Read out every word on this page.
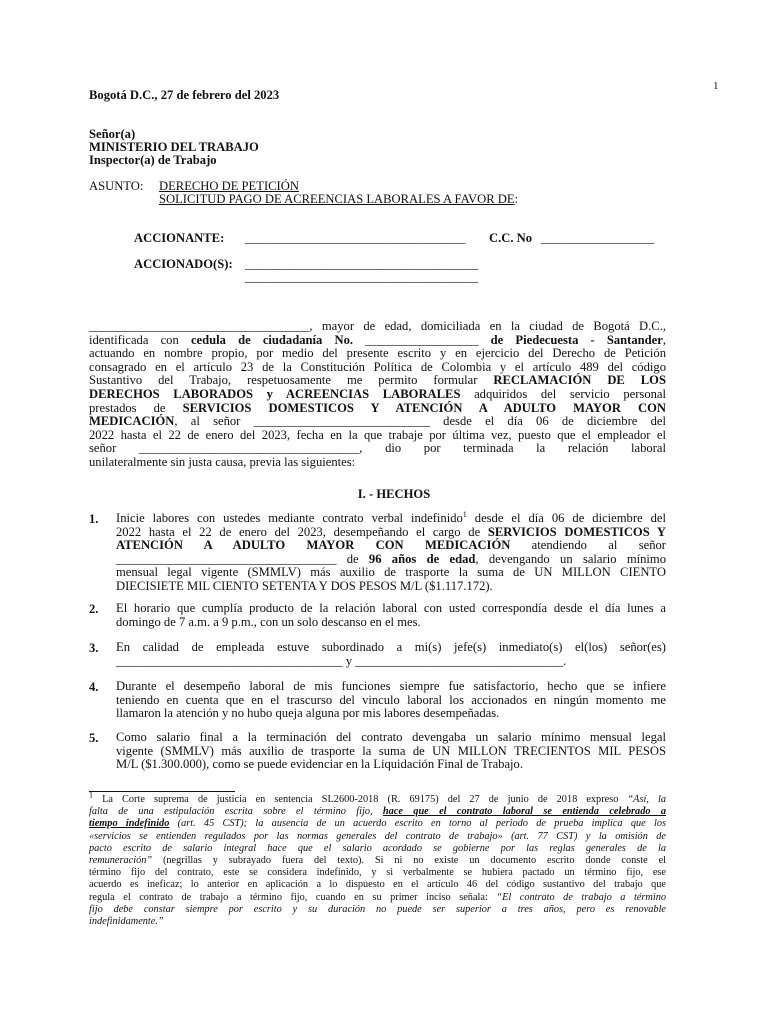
1
Bogotá D.C., 27 de febrero del 2023
Señor(a)
MINISTERIO DEL TRABAJO
Inspector(a) de Trabajo
ASUNTO: DERECHO DE PETICIÓN
SOLICITUD PAGO DE ACREENCIAS LABORALES A FAVOR DE:
ACCIONANTE: ___________________________________ C.C. No __________________
ACCIONADO(S): _____________________________________
_____________________________________
___________________________________, mayor de edad, domiciliada en la ciudad de Bogotá D.C.,
identificada con cedula de ciudadanía No. __________________ de Piedecuesta - Santander,
actuando en nombre propio, por medio del presente escrito y en ejercicio del Derecho de Petición
consagrado en el artículo 23 de la Constitución Política de Colombia y el artículo 489 del código
Sustantivo del Trabajo, respetuosamente me permito formular RECLAMACIÓN DE LOS
DERECHOS LABORADOS y ACREENCIAS LABORALES adquiridos del servicio personal
prestados de SERVICIOS DOMESTICOS Y ATENCIÓN A ADULTO MAYOR CON
MEDICACIÓN, al señor ____________________________ desde el día 06 de diciembre del
2022 hasta el 22 de enero del 2023, fecha en la que trabaje por última vez, puesto que el empleador el
señor ___________________________________, dio por terminada la relación laboral
unilateralmente sin justa causa, previa las siguientes:
I. - HECHOS
1. Inicie labores con ustedes mediante contrato verbal indefinido$^1$ desde el día 06 de diciembre del
2022 hasta el 22 de enero del 2023, desempeñando el cargo de SERVICIOS DOMESTICOS Y
ATENCIÓN A ADULTO MAYOR CON MEDICACIÓN atendiendo al señor
___________________________________ de 96 años de edad, devengando un salario mínimo
mensual legal vigente (SMMLV) más auxilio de trasporte la suma de UN MILLON CIENTO
DIECISIETE MIL CIENTO SETENTA Y DOS PESOS M/L ($1.117.172).
2. El horario que cumplía producto de la relación laboral con usted correspondía desde el día lunes a
domingo de 7 a.m. a 9 p.m., con un solo descanso en el mes.
3. En calidad de empleada estuve subordinado a mi(s) jefe(s) inmediato(s) el(los) señor(es)
____________________________________ y _________________________________.
4. Durante el desempeño laboral de mis funciones siempre fue satisfactorio, hecho que se infiere
teniendo en cuenta que en el trascurso del vinculo laboral los accionados en ningún momento me
llamaron la atención y no hubo queja alguna por mis labores desempeñadas.
5. Como salario final a la terminación del contrato devengaba un salario mínimo mensual legal
vigente (SMMLV) más auxilio de trasporte la suma de UN MILLON TRECIENTOS MIL PESOS
M/L ($1.300.000), como se puede evidenciar en la Liquidación Final de Trabajo.
$^1$ La Corte suprema de justicia en sentencia SL2600-2018 (R. 69175) del 27 de junio de 2018 expreso “Así, la
falta de una estipulación escrita sobre el término fijo, hace que el contrato laboral se entienda celebrado a
tiempo indefinido (art. 45 CST); la ausencia de un acuerdo escrito en torno al periodo de prueba implica que los
«servicios se entienden regulados por las normas generales del contrato de trabajo» (art. 77 CST) y la omisión de
pacto escrito de salario integral hace que el salario acordado se gobierne por las reglas generales de la
remuneración” (negrillas y subrayado fuera del texto). Si ni no existe un documento escrito donde conste el
término fijo del contrato, este se considera indefinido, y si verbalmente se hubiera pactado un término fijo, ese
acuerdo es ineficaz; lo anterior en aplicación a lo dispuesto en el artículo 46 del código sustantivo del trabajo que
regula el contrato de trabajo a término fijo, cuando en su primer inciso señala: “El contrato de trabajo a término
fijo debe constar siempre por escrito y su duración no puede ser superior a tres años, pero es renovable
indefinidamente.”
